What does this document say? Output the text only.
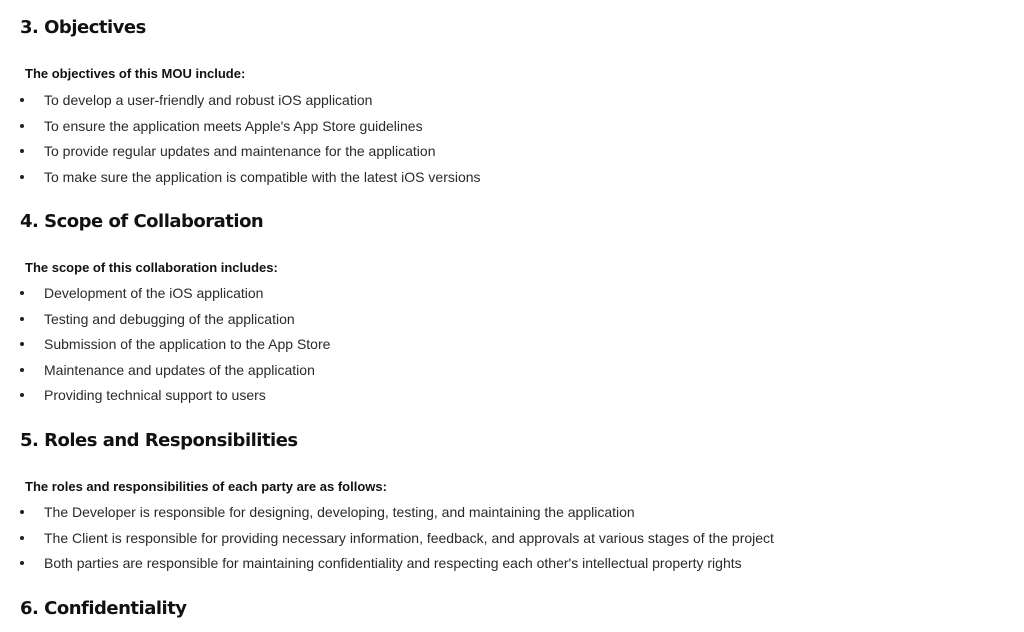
3. Objectives

The objectives of this MOU include:

To develop a user-friendly and robust iOS application
To ensure the application meets Apple's App Store guidelines
To provide regular updates and maintenance for the application
To make sure the application is compatible with the latest iOS versions
4. Scope of Collaboration

The scope of this collaboration includes:

Development of the iOS application
Testing and debugging of the application
Submission of the application to the App Store
Maintenance and updates of the application
Providing technical support to users
5. Roles and Responsibilities

The roles and responsibilities of each party are as follows:

The Developer is responsible for designing, developing, testing, and maintaining the application
The Client is responsible for providing necessary information, feedback, and approvals at various stages of the project
Both parties are responsible for maintaining confidentiality and respecting each other's intellectual property rights
6. Confidentiality
